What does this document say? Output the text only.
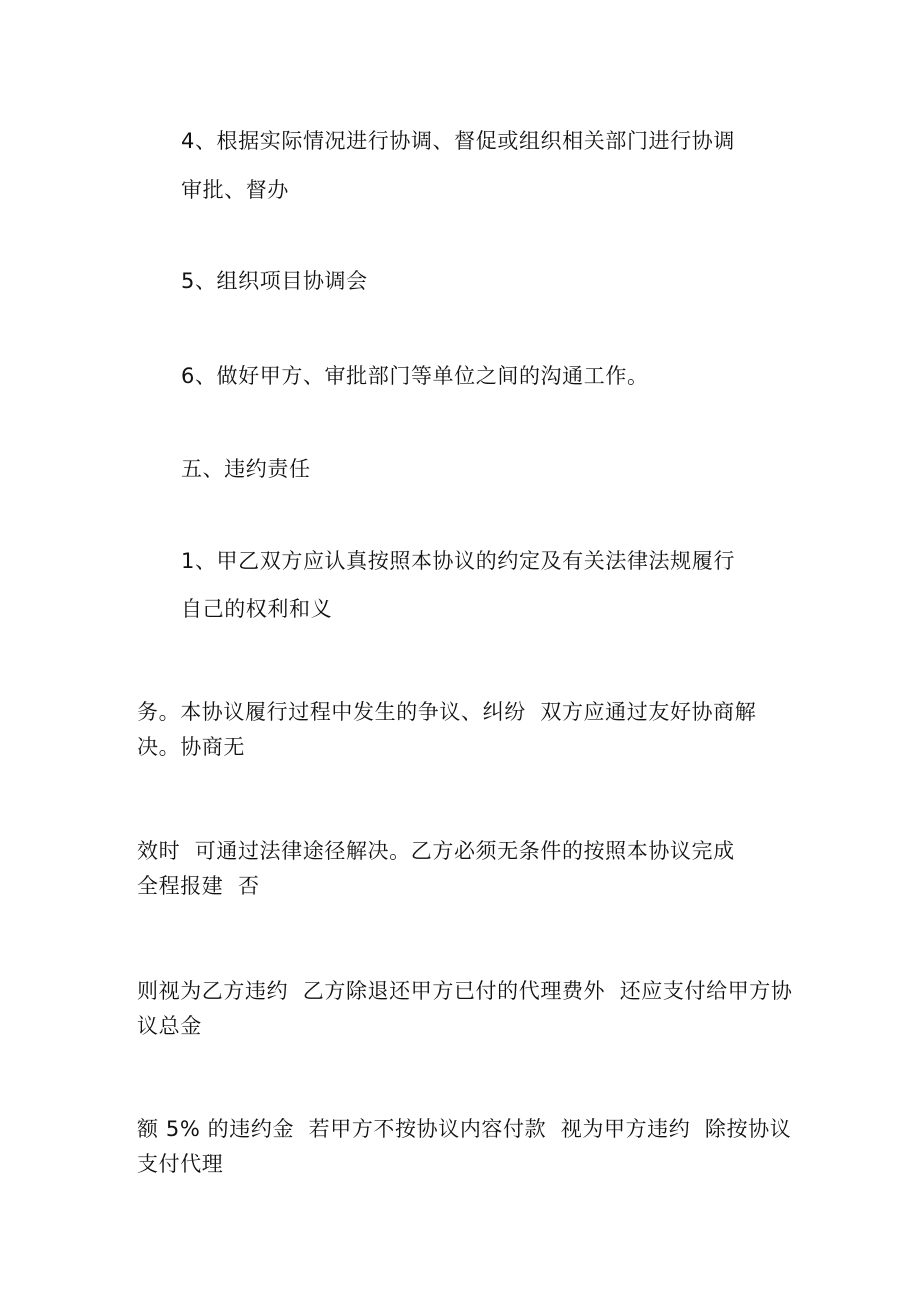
4、根据实际情况进行协调、督促或组织相关部门进行协调

审批、督办

5、组织项目协调会

6、做好甲方、审批部门等单位之间的沟通工作。

五、违约责任

1、甲乙双方应认真按照本协议的约定及有关法律法规履行

自己的权利和义

务。本协议履行过程中发生的争议、纠纷  双方应通过友好协商解

决。协商无

效时  可通过法律途径解决。乙方必须无条件的按照本协议完成

全程报建  否

则视为乙方违约  乙方除退还甲方已付的代理费外  还应支付给甲方协

议总金

额 5% 的违约金  若甲方不按协议内容付款  视为甲方违约  除按协议

支付代理
